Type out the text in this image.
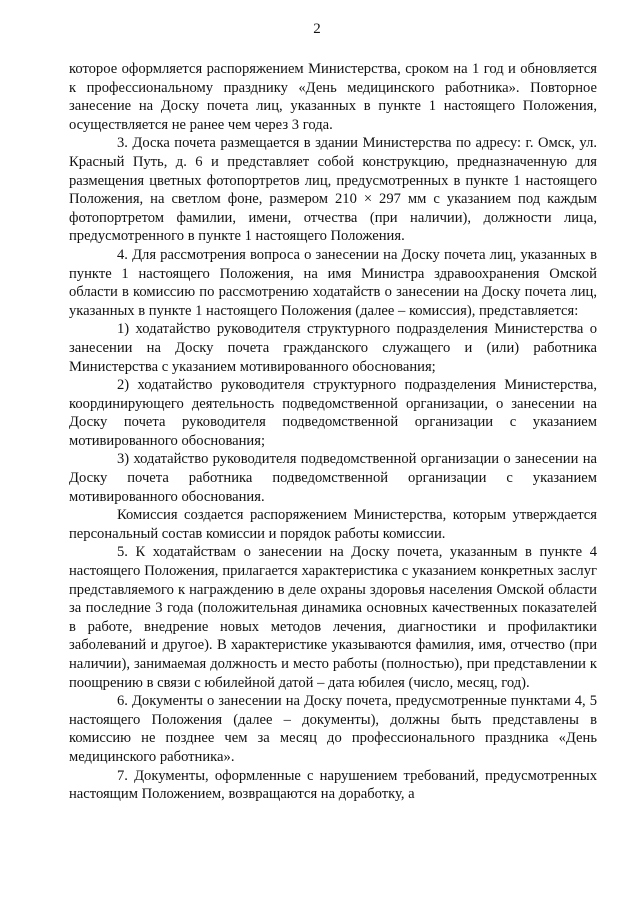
2

которое оформляется распоряжением Министерства, сроком на 1 год и обновляется к профессиональному празднику «День медицинского работника». Повторное занесение на Доску почета лиц, указанных в пункте 1 настоящего Положения, осуществляется не ранее чем через 3 года.

3. Доска почета размещается в здании Министерства по адресу: г. Омск, ул. Красный Путь, д. 6 и представляет собой конструкцию, предназначенную для размещения цветных фотопортретов лиц, предусмотренных в пункте 1 настоящего Положения, на светлом фоне, размером 210 × 297 мм с указанием под каждым фотопортретом фамилии, имени, отчества (при наличии), должности лица, предусмотренного в пункте 1 настоящего Положения.

4. Для рассмотрения вопроса о занесении на Доску почета лиц, указанных в пункте 1 настоящего Положения, на имя Министра здравоохранения Омской области в комиссию по рассмотрению ходатайств о занесении на Доску почета лиц, указанных в пункте 1 настоящего Положения (далее – комиссия), представляется:

1) ходатайство руководителя структурного подразделения Министерства о занесении на Доску почета гражданского служащего и (или) работника Министерства с указанием мотивированного обоснования;

2) ходатайство руководителя структурного подразделения Министерства, координирующего деятельность подведомственной организации, о занесении на Доску почета руководителя подведомственной организации с указанием мотивированного обоснования;

3) ходатайство руководителя подведомственной организации о занесении на Доску почета работника подведомственной организации с указанием мотивированного обоснования.

Комиссия создается распоряжением Министерства, которым утверждается персональный состав комиссии и порядок работы комиссии.

5. К ходатайствам о занесении на Доску почета, указанным в пункте 4 настоящего Положения, прилагается характеристика с указанием конкретных заслуг представляемого к награждению в деле охраны здоровья населения Омской области за последние 3 года (положительная динамика основных качественных показателей в работе, внедрение новых методов лечения, диагностики и профилактики заболеваний и другое). В характеристике указываются фамилия, имя, отчество (при наличии), занимаемая должность и место работы (полностью), при представлении к поощрению в связи с юбилейной датой – дата юбилея (число, месяц, год).

6. Документы о занесении на Доску почета, предусмотренные пунктами 4, 5 настоящего Положения (далее – документы), должны быть представлены в комиссию не позднее чем за месяц до профессионального праздника «День медицинского работника».

7. Документы, оформленные с нарушением требований, предусмотренных настоящим Положением, возвращаются на доработку, а
